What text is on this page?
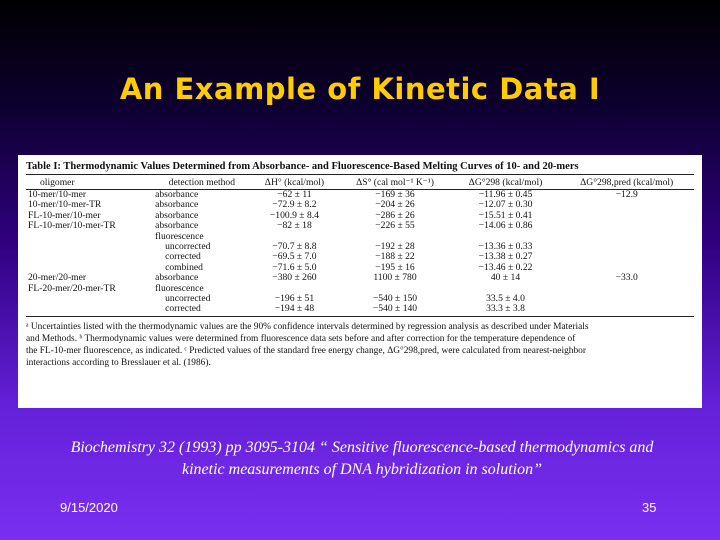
An Example of Kinetic Data I
Table I: Thermodynamic Values Determined from Absorbance- and Fluorescence-Based Melting Curves of 10- and 20-mers
oligomer	detection method	ΔH° (kcal/mol)	ΔS° (cal mol⁻¹ K⁻¹)	ΔG°298 (kcal/mol)	ΔG°298,pred (kcal/mol)
10-mer/10-mer	absorbance	−62 ± 11	−169 ± 36	−11.96 ± 0.45	−12.9
10-mer/10-mer-TR	absorbance	−72.9 ± 8.2	−204 ± 26	−12.07 ± 0.30	
FL-10-mer/10-mer	absorbance	−100.9 ± 8.4	−286 ± 26	−15.51 ± 0.41	
FL-10-mer/10-mer-TR	absorbance	−82 ± 18	−226 ± 55	−14.06 ± 0.86	
	fluorescence				
	uncorrected	−70.7 ± 8.8	−192 ± 28	−13.36 ± 0.33	
	corrected	−69.5 ± 7.0	−188 ± 22	−13.38 ± 0.27	
	combined	−71.6 ± 5.0	−195 ± 16	−13.46 ± 0.22	
20-mer/20-mer	absorbance	−380 ± 260	1100 ± 780	40 ± 14	−33.0
FL-20-mer/20-mer-TR	fluorescence				
	uncorrected	−196 ± 51	−540 ± 150	33.5 ± 4.0	
	corrected	−194 ± 48	−540 ± 140	33.3 ± 3.8	
ᵃ Uncertainties listed with the thermodynamic values are the 90% confidence intervals determined by regression analysis as described under Materials
and Methods. ᵇ Thermodynamic values were determined from fluorescence data sets before and after correction for the temperature dependence of
the FL-10-mer fluorescence, as indicated. ᶜ Predicted values of the standard free energy change, ΔG°298,pred, were calculated from nearest-neighbor
interactions according to Bresslauer et al. (1986).
Biochemistry 32 (1993) pp 3095-3104 “ Sensitive fluorescence-based thermodynamics and
kinetic measurements of DNA hybridization in solution”
9/15/2020	35
